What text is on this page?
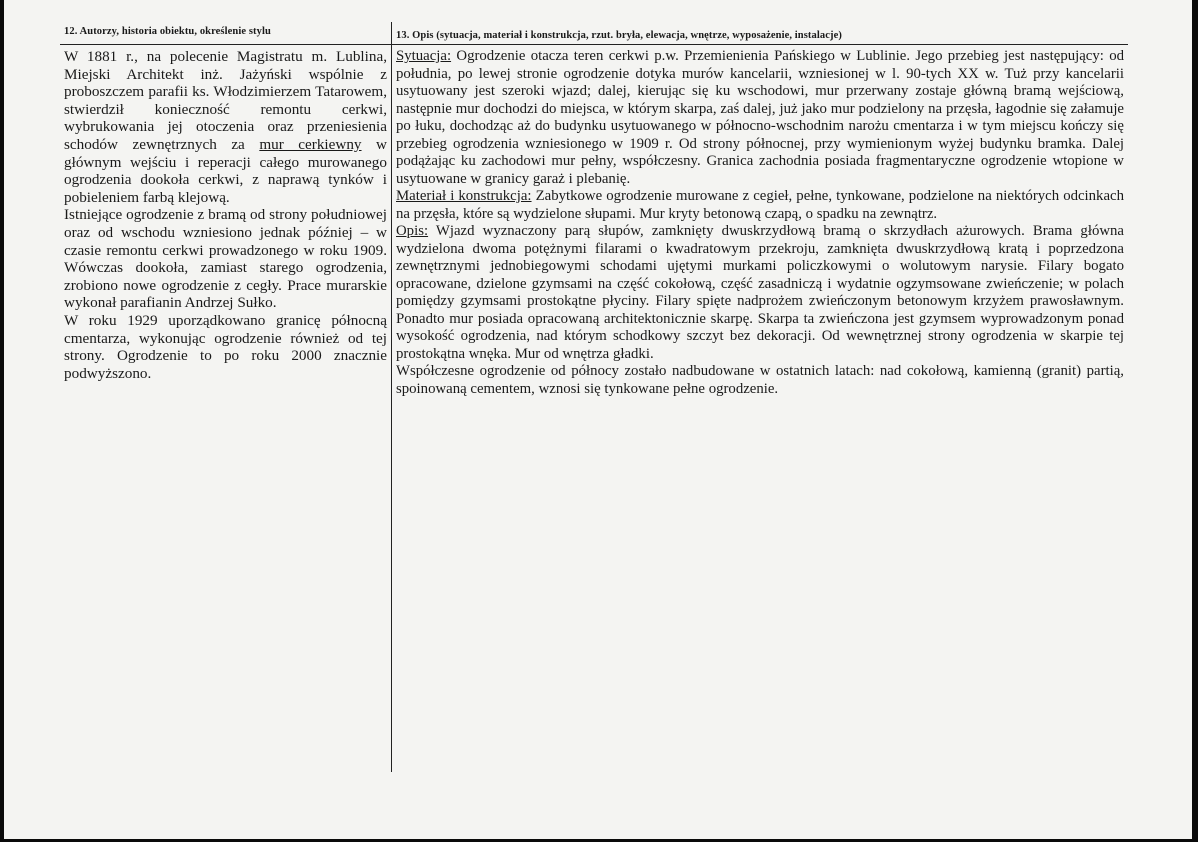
12. Autorzy, historia obiektu, określenie stylu	13. Opis (sytuacja, materiał i konstrukcja, rzut. bryła, elewacja, wnętrze, wyposażenie, instalacje)

W 1881 r., na polecenie Magistratu m. Lublina, Miejski Architekt inż. Jażyński wspólnie z proboszczem parafii ks. Włodzimierzem Tatarowem, stwierdził konieczność remontu cerkwi, wybrukowania jej otoczenia oraz przeniesienia schodów zewnętrznych za mur cerkiewny w głównym wejściu i reperacji całego murowanego ogrodzenia dookoła cerkwi, z naprawą tynków i pobieleniem farbą klejową.

Istniejące ogrodzenie z bramą od strony południowej oraz od wschodu wzniesiono jednak później – w czasie remontu cerkwi prowadzonego w roku 1909. Wówczas dookoła, zamiast starego ogrodzenia, zrobiono nowe ogrodzenie z cegły. Prace murarskie wykonał parafianin Andrzej Sułko.

W roku 1929 uporządkowano granicę północną cmentarza, wykonując ogrodzenie również od tej strony. Ogrodzenie to po roku 2000 znacznie podwyższono.

Sytuacja: Ogrodzenie otacza teren cerkwi p.w. Przemienienia Pańskiego w Lublinie. Jego przebieg jest następujący: od południa, po lewej stronie ogrodzenie dotyka murów kancelarii, wzniesionej w l. 90-tych XX w. Tuż przy kancelarii usytuowany jest szeroki wjazd; dalej, kierując się ku wschodowi, mur przerwany zostaje główną bramą wejściową, następnie mur dochodzi do miejsca, w którym skarpa, zaś dalej, już jako mur podzielony na przęsła, łagodnie się załamuje po łuku, dochodząc aż do budynku usytuowanego w północno-wschodnim narożu cmentarza i w tym miejscu kończy się przebieg ogrodzenia wzniesionego w 1909 r. Od strony północnej, przy wymienionym wyżej budynku bramka. Dalej podążając ku zachodowi mur pełny, współczesny. Granica zachodnia posiada fragmentaryczne ogrodzenie wtopione w usytuowane w granicy garaż i plebanię.

Materiał i konstrukcja: Zabytkowe ogrodzenie murowane z cegieł, pełne, tynkowane, podzielone na niektórych odcinkach na przęsła, które są wydzielone słupami. Mur kryty betonową czapą, o spadku na zewnątrz.

Opis: Wjazd wyznaczony parą słupów, zamknięty dwuskrzydłową bramą o skrzydłach ażurowych. Brama główna wydzielona dwoma potężnymi filarami o kwadratowym przekroju, zamknięta dwuskrzydłową kratą i poprzedzona zewnętrznymi jednobiegowymi schodami ujętymi murkami policzkowymi o wolutowym narysie. Filary bogato opracowane, dzielone gzymsami na część cokołową, część zasadniczą i wydatnie ogzymsowane zwieńczenie; w polach pomiędzy gzymsami prostokątne płyciny. Filary spięte nadprożem zwieńczonym betonowym krzyżem prawosławnym. Ponadto mur posiada opracowaną architektonicznie skarpę. Skarpa ta zwieńczona jest gzymsem wyprowadzonym ponad wysokość ogrodzenia, nad którym schodkowy szczyt bez dekoracji. Od wewnętrznej strony ogrodzenia w skarpie tej prostokątna wnęka. Mur od wnętrza gładki.

Współczesne ogrodzenie od północy zostało nadbudowane w ostatnich latach: nad cokołową, kamienną (granit) partią, spoinowaną cementem, wznosi się tynkowane pełne ogrodzenie.
